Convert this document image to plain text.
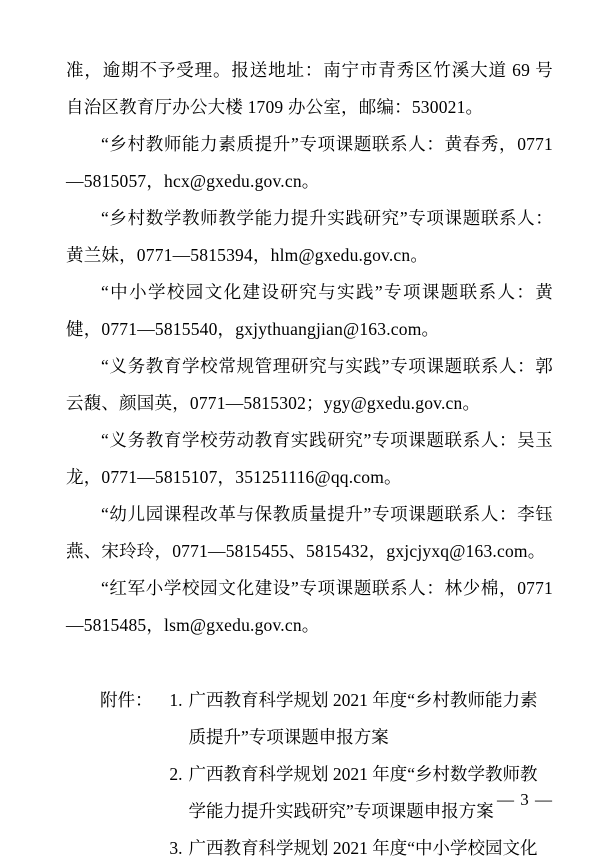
准，逾期不予受理。报送地址：南宁市青秀区竹溪大道 69 号自治区教育厅办公大楼 1709 办公室，邮编：530021。

“乡村教师能力素质提升”专项课题联系人：黄春秀，0771—5815057，hcx@gxedu.gov.cn。

“乡村数学教师教学能力提升实践研究”专项课题联系人：黄兰妹，0771—5815394，hlm@gxedu.gov.cn。

“中小学校园文化建设研究与实践”专项课题联系人：黄健，0771—5815540，gxjythuangjian@163.com。

“义务教育学校常规管理研究与实践”专项课题联系人：郭云馥、颜国英，0771—5815302；ygy@gxedu.gov.cn。

“义务教育学校劳动教育实践研究”专项课题联系人：吴玉龙，0771—5815107，351251116@qq.com。

“幼儿园课程改革与保教质量提升”专项课题联系人：李钰燕、宋玲玲，0771—5815455、5815432，gxjcjyxq@163.com。

“红军小学校园文化建设”专项课题联系人：林少棉，0771—5815485，lsm@gxedu.gov.cn。

附件： 1. 广西教育科学规划 2021 年度“乡村教师能力素质提升”专项课题申报方案
2. 广西教育科学规划 2021 年度“乡村数学教师教学能力提升实践研究”专项课题申报方案
3. 广西教育科学规划 2021 年度“中小学校园文化
— 3 —
